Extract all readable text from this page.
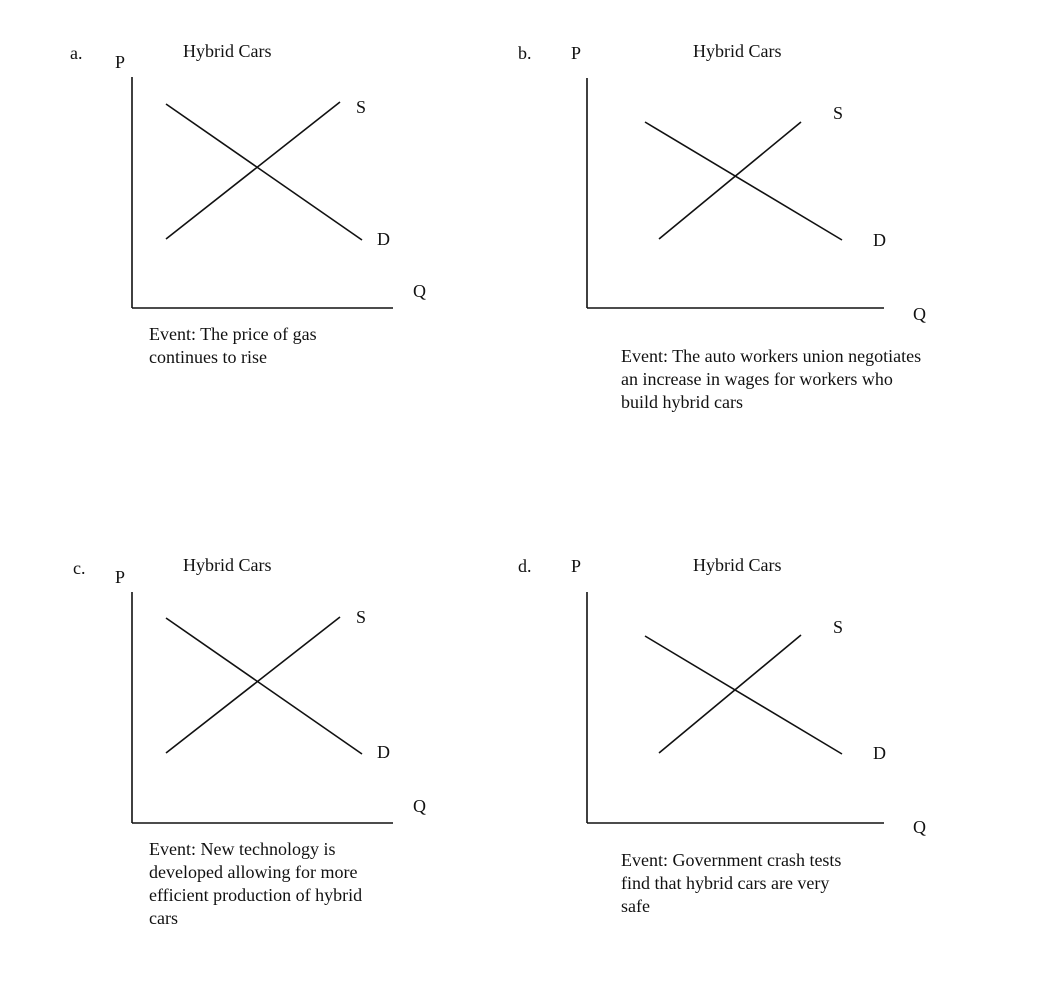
a. P
Hybrid Cars
S
D
Q
Event: The price of gas
continues to rise
b. P	Hybrid Cars
S
D
Q
Event: The auto workers union negotiates
an increase in wages for workers who
build hybrid cars
c. P
Hybrid Cars
S
D
Q
Event: New technology is
developed allowing for more
efficient production of hybrid
cars
d. P	Hybrid Cars
S
D
Q
Event: Government crash tests
find that hybrid cars are very
safe
